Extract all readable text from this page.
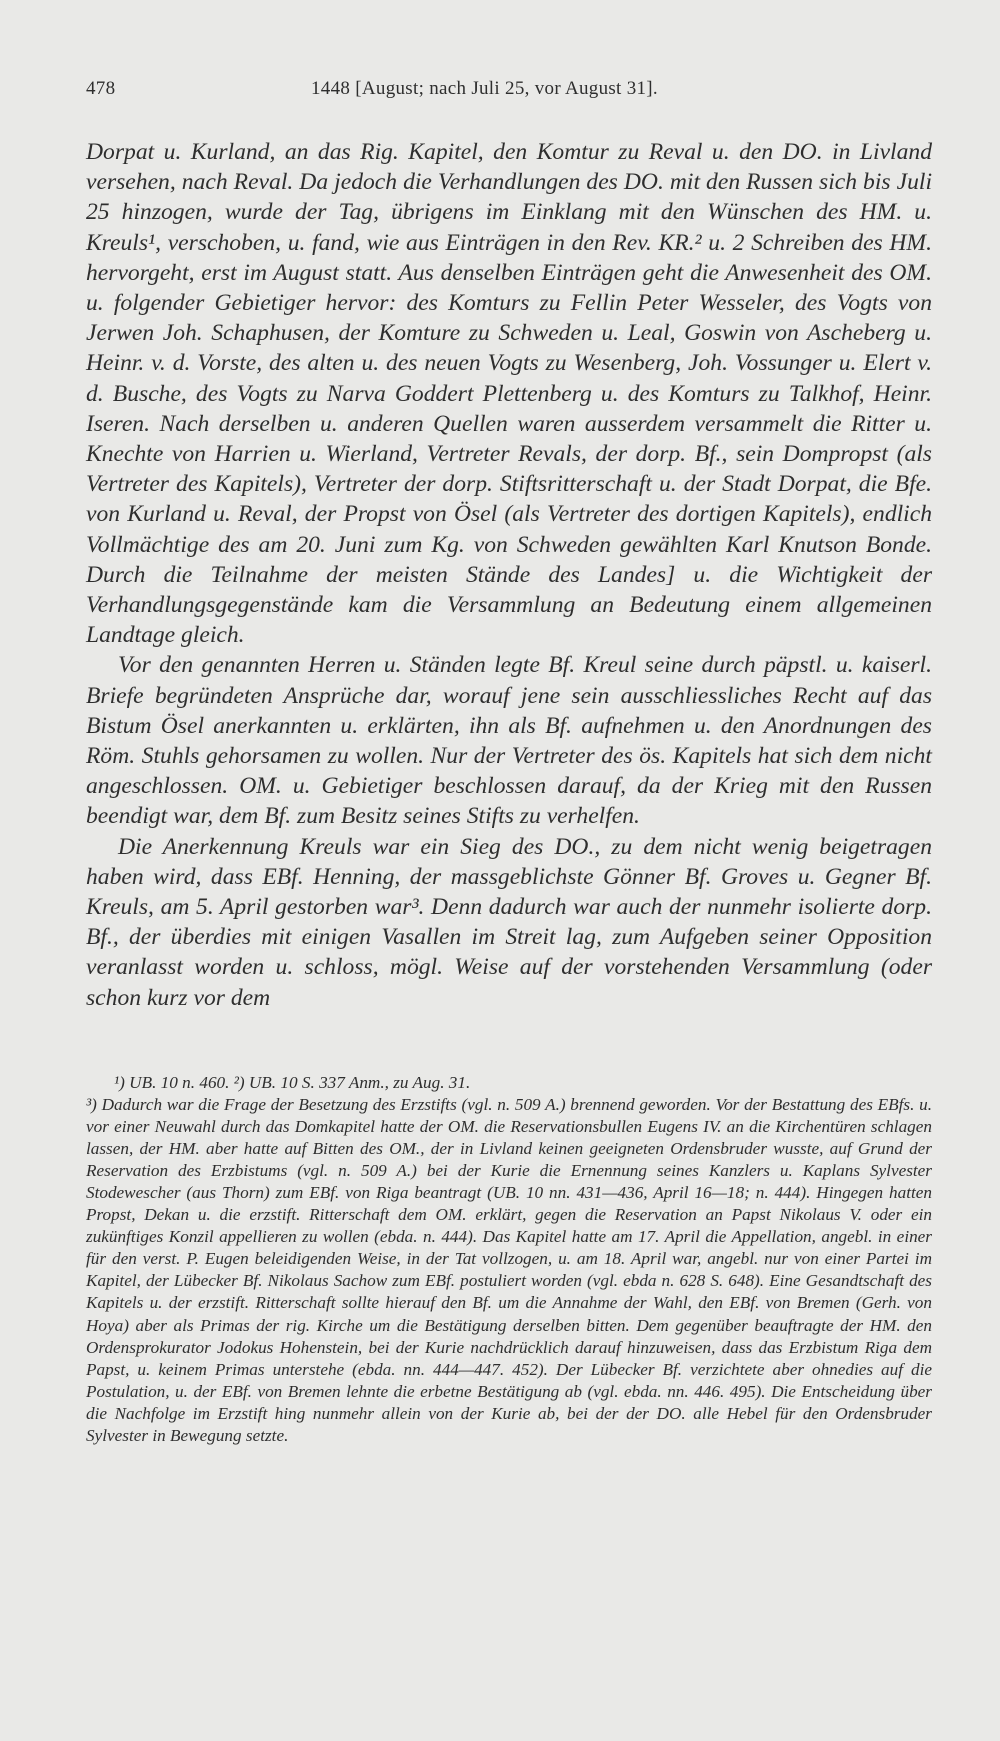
478	1448 [August; nach Juli 25, vor August 31].

Dorpat u. Kurland, an das Rig. Kapitel, den Komtur zu Reval u. den DO. in Livland versehen, nach Reval. Da jedoch die Verhandlungen des DO. mit den Russen sich bis Juli 25 hinzogen, wurde der Tag, übrigens im Einklang mit den Wünschen des HM. u. Kreuls¹, verschoben, u. fand, wie aus Einträgen in den Rev. KR.² u. 2 Schreiben des HM. hervorgeht, erst im August statt. Aus denselben Einträgen geht die Anwesenheit des OM. u. folgender Gebietiger hervor: des Komturs zu Fellin Peter Wesseler, des Vogts von Jerwen Joh. Schaphusen, der Komture zu Schweden u. Leal, Goswin von Ascheberg u. Heinr. v. d. Vorste, des alten u. des neuen Vogts zu Wesenberg, Joh. Vossunger u. Elert v. d. Busche, des Vogts zu Narva Goddert Plettenberg u. des Komturs zu Talkhof, Heinr. Iseren. Nach derselben u. anderen Quellen waren ausserdem versammelt die Ritter u. Knechte von Harrien u. Wierland, Vertreter Revals, der dorp. Bf., sein Dompropst (als Vertreter des Kapitels), Vertreter der dorp. Stiftsritterschaft u. der Stadt Dorpat, die Bfe. von Kurland u. Reval, der Propst von Ösel (als Vertreter des dortigen Kapitels), endlich Vollmächtige des am 20. Juni zum Kg. von Schweden gewählten Karl Knutson Bonde. Durch die Teilnahme der meisten Stände des Landes] u. die Wichtigkeit der Verhandlungsgegenstände kam die Versammlung an Bedeutung einem allgemeinen Landtage gleich.

Vor den genannten Herren u. Ständen legte Bf. Kreul seine durch päpstl. u. kaiserl. Briefe begründeten Ansprüche dar, worauf jene sein ausschliessliches Recht auf das Bistum Ösel anerkannten u. erklärten, ihn als Bf. aufnehmen u. den Anordnungen des Röm. Stuhls gehorsamen zu wollen. Nur der Vertreter des ös. Kapitels hat sich dem nicht angeschlossen. OM. u. Gebietiger beschlossen darauf, da der Krieg mit den Russen beendigt war, dem Bf. zum Besitz seines Stifts zu verhelfen.

Die Anerkennung Kreuls war ein Sieg des DO., zu dem nicht wenig beigetragen haben wird, dass EBf. Henning, der massgeblichste Gönner Bf. Groves u. Gegner Bf. Kreuls, am 5. April gestorben war³. Denn dadurch war auch der nunmehr isolierte dorp. Bf., der überdies mit einigen Vasallen im Streit lag, zum Aufgeben seiner Opposition veranlasst worden u. schloss, mögl. Weise auf der vorstehenden Versammlung (oder schon kurz vor dem

¹) UB. 10 n. 460. ²) UB. 10 S. 337 Anm., zu Aug. 31.

³) Dadurch war die Frage der Besetzung des Erzstifts (vgl. n. 509 A.) brennend geworden. Vor der Bestattung des EBfs. u. vor einer Neuwahl durch das Domkapitel hatte der OM. die Reservationsbullen Eugens IV. an die Kirchentüren schlagen lassen, der HM. aber hatte auf Bitten des OM., der in Livland keinen geeigneten Ordensbruder wusste, auf Grund der Reservation des Erzbistums (vgl. n. 509 A.) bei der Kurie die Ernennung seines Kanzlers u. Kaplans Sylvester Stodewescher (aus Thorn) zum EBf. von Riga beantragt (UB. 10 nn. 431—436, April 16—18; n. 444). Hingegen hatten Propst, Dekan u. die erzstift. Ritterschaft dem OM. erklärt, gegen die Reservation an Papst Nikolaus V. oder ein zukünftiges Konzil appellieren zu wollen (ebda. n. 444). Das Kapitel hatte am 17. April die Appellation, angebl. in einer für den verst. P. Eugen beleidigenden Weise, in der Tat vollzogen, u. am 18. April war, angebl. nur von einer Partei im Kapitel, der Lübecker Bf. Nikolaus Sachow zum EBf. postuliert worden (vgl. ebda n. 628 S. 648). Eine Gesandtschaft des Kapitels u. der erzstift. Ritterschaft sollte hierauf den Bf. um die Annahme der Wahl, den EBf. von Bremen (Gerh. von Hoya) aber als Primas der rig. Kirche um die Bestätigung derselben bitten. Dem gegenüber beauftragte der HM. den Ordensprokurator Jodokus Hohenstein, bei der Kurie nachdrücklich darauf hinzuweisen, dass das Erzbistum Riga dem Papst, u. keinem Primas unterstehe (ebda. nn. 444—447. 452). Der Lübecker Bf. verzichtete aber ohnedies auf die Postulation, u. der EBf. von Bremen lehnte die erbetne Bestätigung ab (vgl. ebda. nn. 446. 495). Die Entscheidung über die Nachfolge im Erzstift hing nunmehr allein von der Kurie ab, bei der der DO. alle Hebel für den Ordensbruder Sylvester in Bewegung setzte.
